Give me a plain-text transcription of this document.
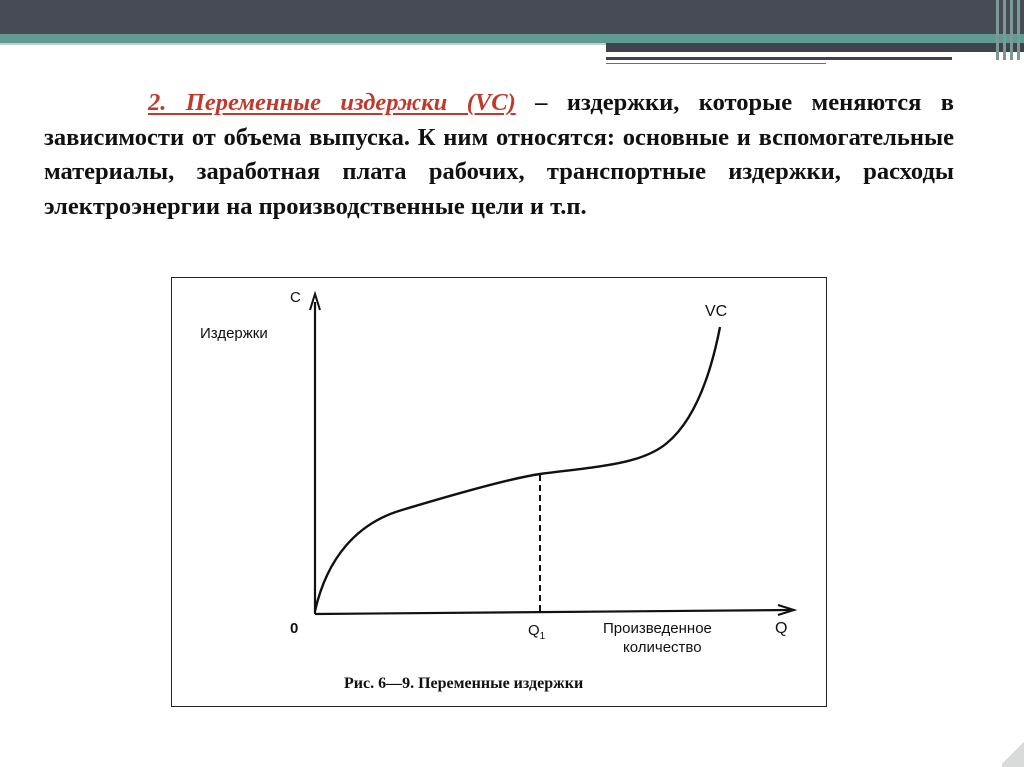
2. Переменные издержки (VC) – издержки, которые меняются в зависимости от объема выпуска. К ним относятся: основные и вспомогательные материалы, заработная плата рабочих, транспортные издержки, расходы электроэнергии на производственные цели и т.п.
C
Издержки
VC
0	$Q_1$	Произведенное
количество
Q
Рис. 6—9. Переменные издержки
